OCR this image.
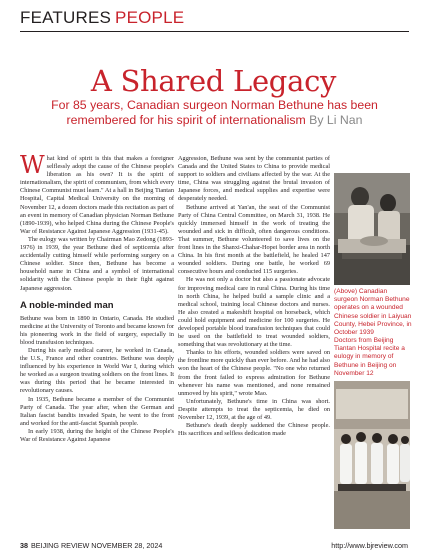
FEATURES PEOPLE
A Shared Legacy
For 85 years, Canadian surgeon Norman Bethune has been remembered for his spirit of internationalism By Li Nan

What kind of spirit is this that makes a foreigner selflessly adopt the cause of the Chinese people's liberation as his own? It is the spirit of internationalism, the spirit of communism, from which every Chinese Communist must learn." At a hall in Beijing Tiantan Hospital, Capital Medical University on the morning of November 12, a dozen doctors made this recitation as part of an event in memory of Canadian physician Norman Bethune (1890-1939), who helped China during the Chinese People's War of Resistance Against Japanese Aggression (1931-45).

The eulogy was written by Chairman Mao Zedong (1893-1976) in 1939, the year Bethune died of septicemia after accidentally cutting himself while performing surgery on a Chinese soldier. Since then, Bethune has become a household name in China and a symbol of international solidarity with the Chinese people in their fight against Japanese aggression.

A noble-minded man

Bethune was born in 1890 in Ontario, Canada. He studied medicine at the University of Toronto and became known for his pioneering work in the field of surgery, especially in blood transfusion techniques.

During his early medical career, he worked in Canada, the U.S., France and other countries. Bethune was deeply influenced by his experience in World War I, during which he worked as a surgeon treating soldiers on the front lines. It was during this period that he became interested in revolutionary causes.

In 1935, Bethune became a member of the Communist Party of Canada. The year after, when the German and Italian fascist bandits invaded Spain, he went to the front and worked for the anti-fascist Spanish people.

In early 1938, during the height of the Chinese People's War of Resistance Against Japanese

Aggression, Bethune was sent by the communist parties of Canada and the United States to China to provide medical support to soldiers and civilians affected by the war. At the time, China was struggling against the brutal invasion of Japanese forces, and medical supplies and expertise were desperately needed.

Bethune arrived at Yan'an, the seat of the Communist Party of China Central Committee, on March 31, 1938. He quickly immersed himself in the work of treating the wounded and sick in difficult, often dangerous conditions. That summer, Bethune volunteered to save lives on the front lines in the Shanxi-Chahar-Hopei border area in north China. In his first month at the battlefield, he healed 147 wounded soldiers. During one battle, he worked 69 consecutive hours and conducted 115 surgeries.

He was not only a doctor but also a passionate advocate for improving medical care in rural China. During his time in north China, he helped build a sample clinic and a medical school, training local Chinese doctors and nurses. He also created a makeshift hospital on horseback, which could hold equipment and medicine for 100 surgeries. He developed portable blood transfusion techniques that could be used on the battlefield to treat wounded soldiers, something that was revolutionary at the time.

Thanks to his efforts, wounded soldiers were saved on the frontline more quickly than ever before. And he had also won the heart of the Chinese people. "No one who returned from the front failed to express admiration for Bethune whenever his name was mentioned, and none remained unmoved by his spirit," wrote Mao.

Unfortunately, Bethune's time in China was short. Despite attempts to treat the septicemia, he died on November 12, 1939, at the age of 49.

Bethune's death deeply saddened the Chinese people. His sacrifices and selfless dedication made

(Above) Canadian surgeon Norman Bethune operates on a wounded Chinese soldier in Laiyuan County, Hebei Province, in October 1939
Doctors from Beijing Tiantan Hospital recite a eulogy in memory of Bethune in Beijing on November 12
38 BEIJING REVIEW NOVEMBER 28, 2024	http://www.bjreview.com
